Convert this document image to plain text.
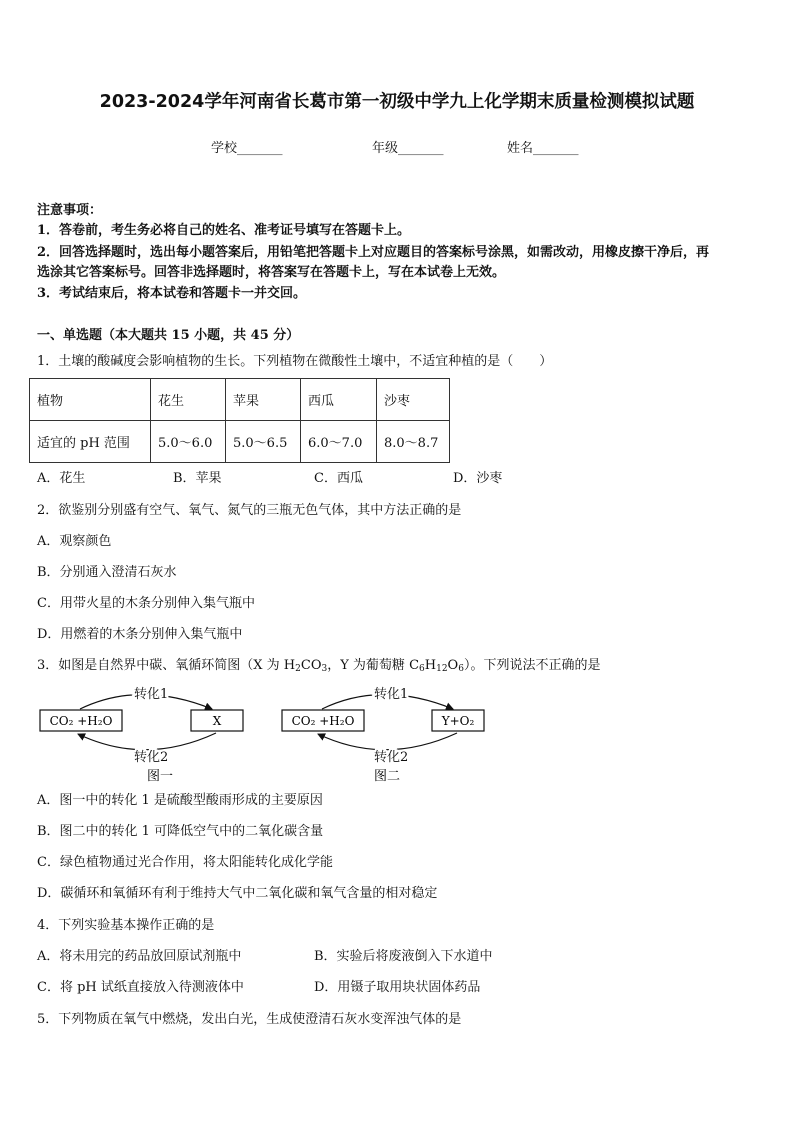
2023-2024学年河南省长葛市第一初级中学九上化学期末质量检测模拟试题
学校_______	年级_______	姓名_______
注意事项：
1．答卷前，考生务必将自己的姓名、准考证号填写在答题卡上。
2．回答选择题时，选出每小题答案后，用铅笔把答题卡上对应题目的答案标号涂黑，如需改动，用橡皮擦干净后，再
选涂其它答案标号。回答非选择题时，将答案写在答题卡上，写在本试卷上无效。
3．考试结束后，将本试卷和答题卡一并交回。
一、单选题（本大题共 15 小题，共 45 分）
1．土壤的酸碱度会影响植物的生长。下列植物在微酸性土壤中，不适宜种植的是（　　）
植物	花生	苹果	西瓜	沙枣
适宜的 pH 范围	5.0～6.0	5.0～6.5	6.0～7.0	8.0～8.7
A．花生	B．苹果	C．西瓜	D．沙枣
2．欲鉴别分别盛有空气、氧气、氮气的三瓶无色气体，其中方法正确的是
A．观察颜色
B．分别通入澄清石灰水
C．用带火星的木条分别伸入集气瓶中
D．用燃着的木条分别伸入集气瓶中
3．如图是自然界中碳、氧循环简图（X 为 $H_2CO_3$，Y 为葡萄糖 $C_6H_{12}O_6$）。下列说法不正确的是
CO₂ +H₂O	X
转化1
转化2
图一
CO₂ +H₂O	Y+O₂
转化1
转化2
图二
A．图一中的转化 1 是硫酸型酸雨形成的主要原因
B．图二中的转化 1 可降低空气中的二氧化碳含量
C．绿色植物通过光合作用，将太阳能转化成化学能
D．碳循环和氧循环有利于维持大气中二氧化碳和氧气含量的相对稳定
4．下列实验基本操作正确的是
A．将未用完的药品放回原试剂瓶中	B．实验后将废液倒入下水道中
C．将 pH 试纸直接放入待测液体中	D．用镊子取用块状固体药品
5．下列物质在氧气中燃烧，发出白光，生成使澄清石灰水变浑浊气体的是
